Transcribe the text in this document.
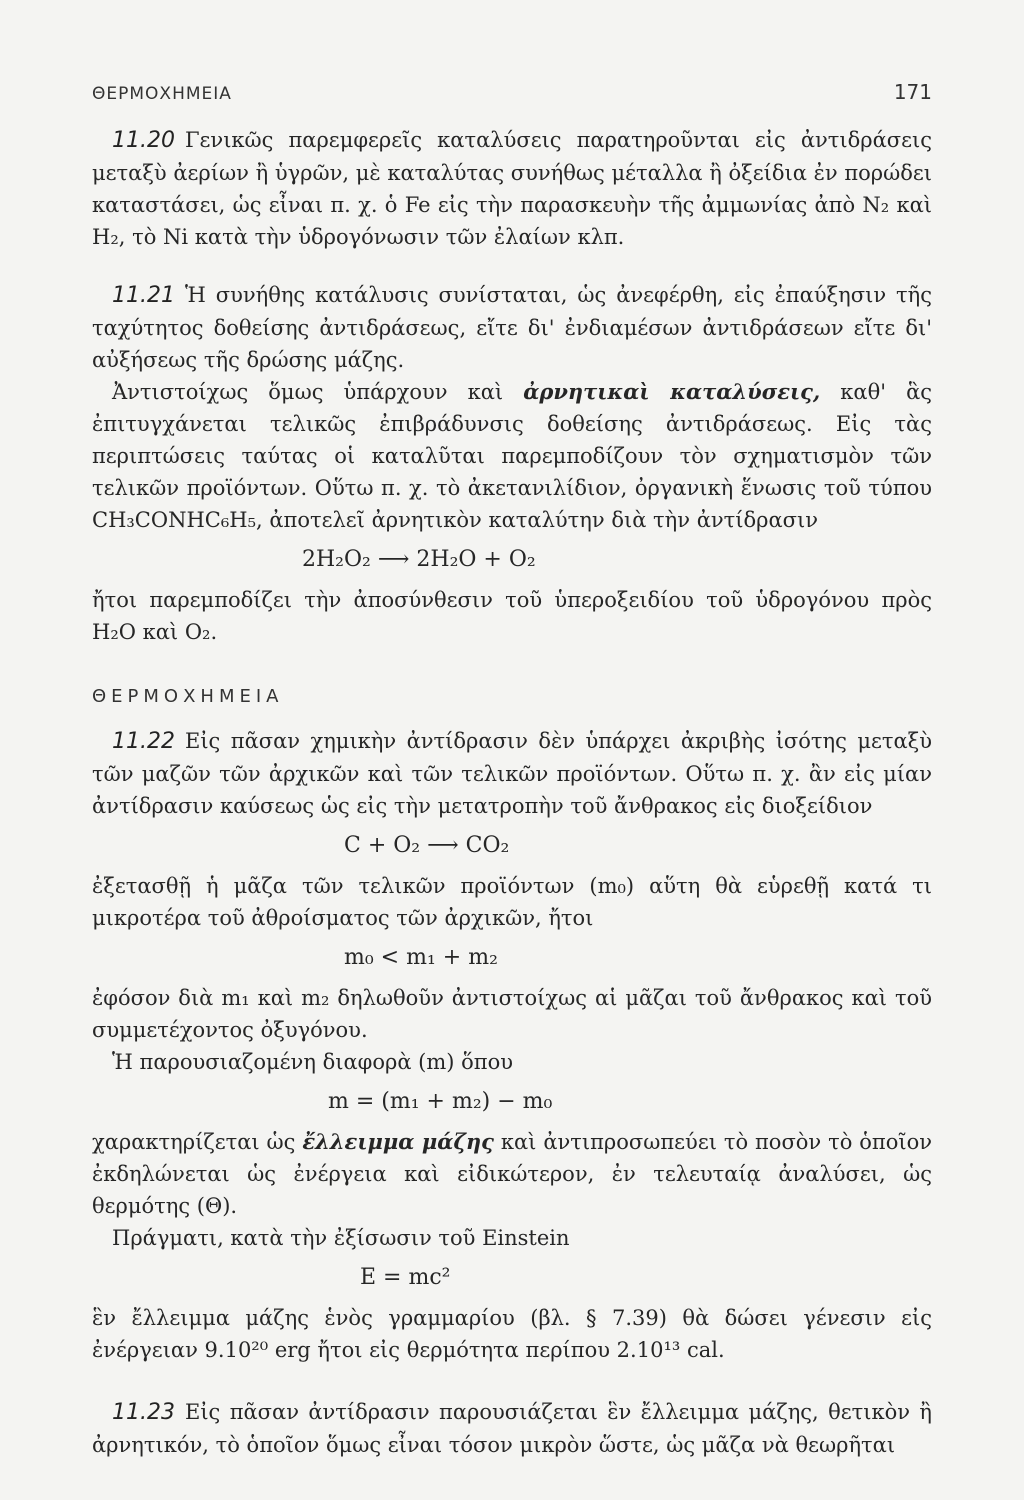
ΘΕΡΜΟΧΗΜΕΙΑ	171

11.20 Γενικῶς παρεμφερεῖς καταλύσεις παρατηροῦνται εἰς ἀντιδράσεις μεταξὺ ἀερίων ἢ ὑγρῶν, μὲ καταλύτας συνήθως μέταλλα ἢ ὀξείδια ἐν πορώδει καταστάσει, ὡς εἶναι π. χ. ὁ Fe εἰς τὴν παρασκευὴν τῆς ἀμμωνίας ἀπὸ N₂ καὶ H₂, τὸ Ni κατὰ τὴν ὑδρογόνωσιν τῶν ἐλαίων κλπ.

11.21 Ἡ συνήθης κατάλυσις συνίσταται, ὡς ἀνεφέρθη, εἰς ἐπαύξησιν τῆς ταχύτητος δοθείσης ἀντιδράσεως, εἴτε δι' ἐνδιαμέσων ἀντιδράσεων εἴτε δι' αὐξήσεως τῆς δρώσης μάζης.

Ἀντιστοίχως ὅμως ὑπάρχουν καὶ ἀρνητικαὶ καταλύσεις, καθ' ἃς ἐπιτυγχάνεται τελικῶς ἐπιβράδυνσις δοθείσης ἀντιδράσεως. Εἰς τὰς περιπτώσεις ταύτας οἱ καταλῦται παρεμποδίζουν τὸν σχηματισμὸν τῶν τελικῶν προϊόντων. Οὕτω π. χ. τὸ ἀκετανιλίδιον, ὀργανικὴ ἕνωσις τοῦ τύπου CH₃CONHC₆H₅, ἀποτελεῖ ἀρνητικὸν καταλύτην διὰ τὴν ἀντίδρασιν

2H₂O₂ ⟶ 2H₂O + O₂

ἤτοι παρεμποδίζει τὴν ἀποσύνθεσιν τοῦ ὑπεροξειδίου τοῦ ὑδρογόνου πρὸς H₂O καὶ O₂.

ΘΕΡΜΟΧΗΜΕΙΑ

11.22 Εἰς πᾶσαν χημικὴν ἀντίδρασιν δὲν ὑπάρχει ἀκριβὴς ἰσότης μεταξὺ τῶν μαζῶν τῶν ἀρχικῶν καὶ τῶν τελικῶν προϊόντων. Οὕτω π. χ. ἂν εἰς μίαν ἀντίδρασιν καύσεως ὡς εἰς τὴν μετατροπὴν τοῦ ἄνθρακος εἰς διοξείδιον

C + O₂ ⟶ CO₂

ἐξετασθῇ ἡ μᾶζα τῶν τελικῶν προϊόντων (m₀) αὕτη θὰ εὑρεθῇ κατά τι μικροτέρα τοῦ ἀθροίσματος τῶν ἀρχικῶν, ἤτοι

m₀ < m₁ + m₂

ἐφόσον διὰ m₁ καὶ m₂ δηλωθοῦν ἀντιστοίχως αἱ μᾶζαι τοῦ ἄνθρακος καὶ τοῦ συμμετέχοντος ὀξυγόνου.

Ἡ παρουσιαζομένη διαφορὰ (m) ὅπου

m = (m₁ + m₂) − m₀

χαρακτηρίζεται ὡς ἔλλειμμα μάζης καὶ ἀντιπροσωπεύει τὸ ποσὸν τὸ ὁποῖον ἐκδηλώνεται ὡς ἐνέργεια καὶ εἰδικώτερον, ἐν τελευταίᾳ ἀναλύσει, ὡς θερμότης (Θ).

Πράγματι, κατὰ τὴν ἐξίσωσιν τοῦ Einstein

E = mc²

ἓν ἔλλειμμα μάζης ἑνὸς γραμμαρίου (βλ. § 7.39) θὰ δώσει γένεσιν εἰς ἐνέργειαν 9.10²⁰ erg ἤτοι εἰς θερμότητα περίπου 2.10¹³ cal.

11.23 Εἰς πᾶσαν ἀντίδρασιν παρουσιάζεται ἓν ἔλλειμμα μάζης, θετικὸν ἢ ἀρνητικόν, τὸ ὁποῖον ὅμως εἶναι τόσον μικρὸν ὥστε, ὡς μᾶζα νὰ θεωρῆται
